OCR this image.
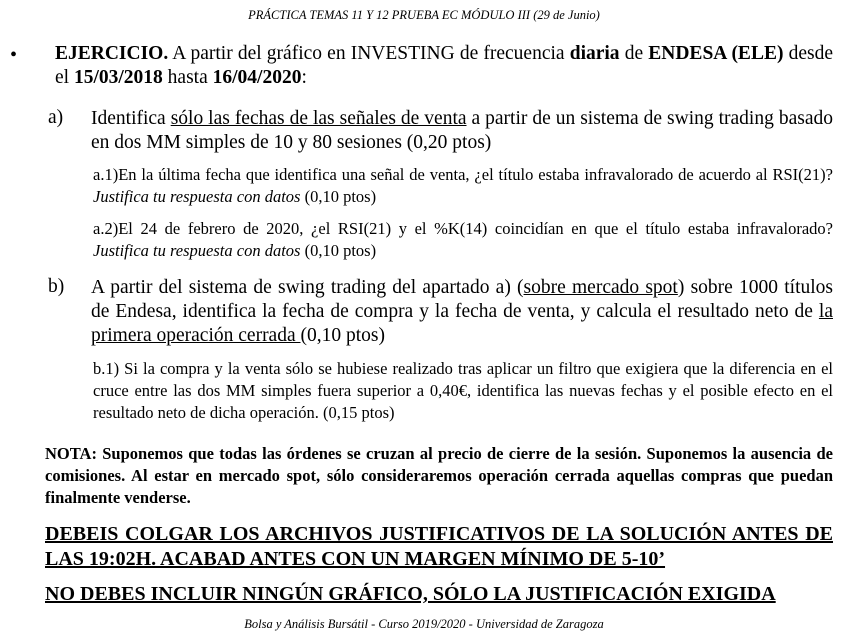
PRÁCTICA TEMAS 11 Y 12 PRUEBA EC MÓDULO III (29 de Junio)
• EJERCICIO. A partir del gráfico en INVESTING de frecuencia diaria de ENDESA (ELE) desde el 15/03/2018 hasta 16/04/2020:
a) Identifica sólo las fechas de las señales de venta a partir de un sistema de swing trading basado en dos MM simples de 10 y 80 sesiones (0,20 ptos)
a.1)En la última fecha que identifica una señal de venta, ¿el título estaba infravalorado de acuerdo al RSI(21)? Justifica tu respuesta con datos (0,10 ptos)
a.2)El 24 de febrero de 2020, ¿el RSI(21) y el %K(14) coincidían en que el título estaba infravalorado? Justifica tu respuesta con datos (0,10 ptos)
b) A partir del sistema de swing trading del apartado a) (sobre mercado spot) sobre 1000 títulos de Endesa, identifica la fecha de compra y la fecha de venta, y calcula el resultado neto de la primera operación cerrada (0,10 ptos)
b.1) Si la compra y la venta sólo se hubiese realizado tras aplicar un filtro que exigiera que la diferencia en el cruce entre las dos MM simples fuera superior a 0,40€, identifica las nuevas fechas y el posible efecto en el resultado neto de dicha operación. (0,15 ptos)
NOTA: Suponemos que todas las órdenes se cruzan al precio de cierre de la sesión. Suponemos la ausencia de comisiones. Al estar en mercado spot, sólo consideraremos operación cerrada aquellas compras que puedan finalmente venderse.
DEBEIS COLGAR LOS ARCHIVOS JUSTIFICATIVOS DE LA SOLUCIÓN ANTES DE LAS 19:02H. ACABAD ANTES CON UN MARGEN MÍNIMO DE 5-10’
NO DEBES INCLUIR NINGÚN GRÁFICO, SÓLO LA JUSTIFICACIÓN EXIGIDA
Bolsa y Análisis Bursátil - Curso 2019/2020 - Universidad de Zaragoza
